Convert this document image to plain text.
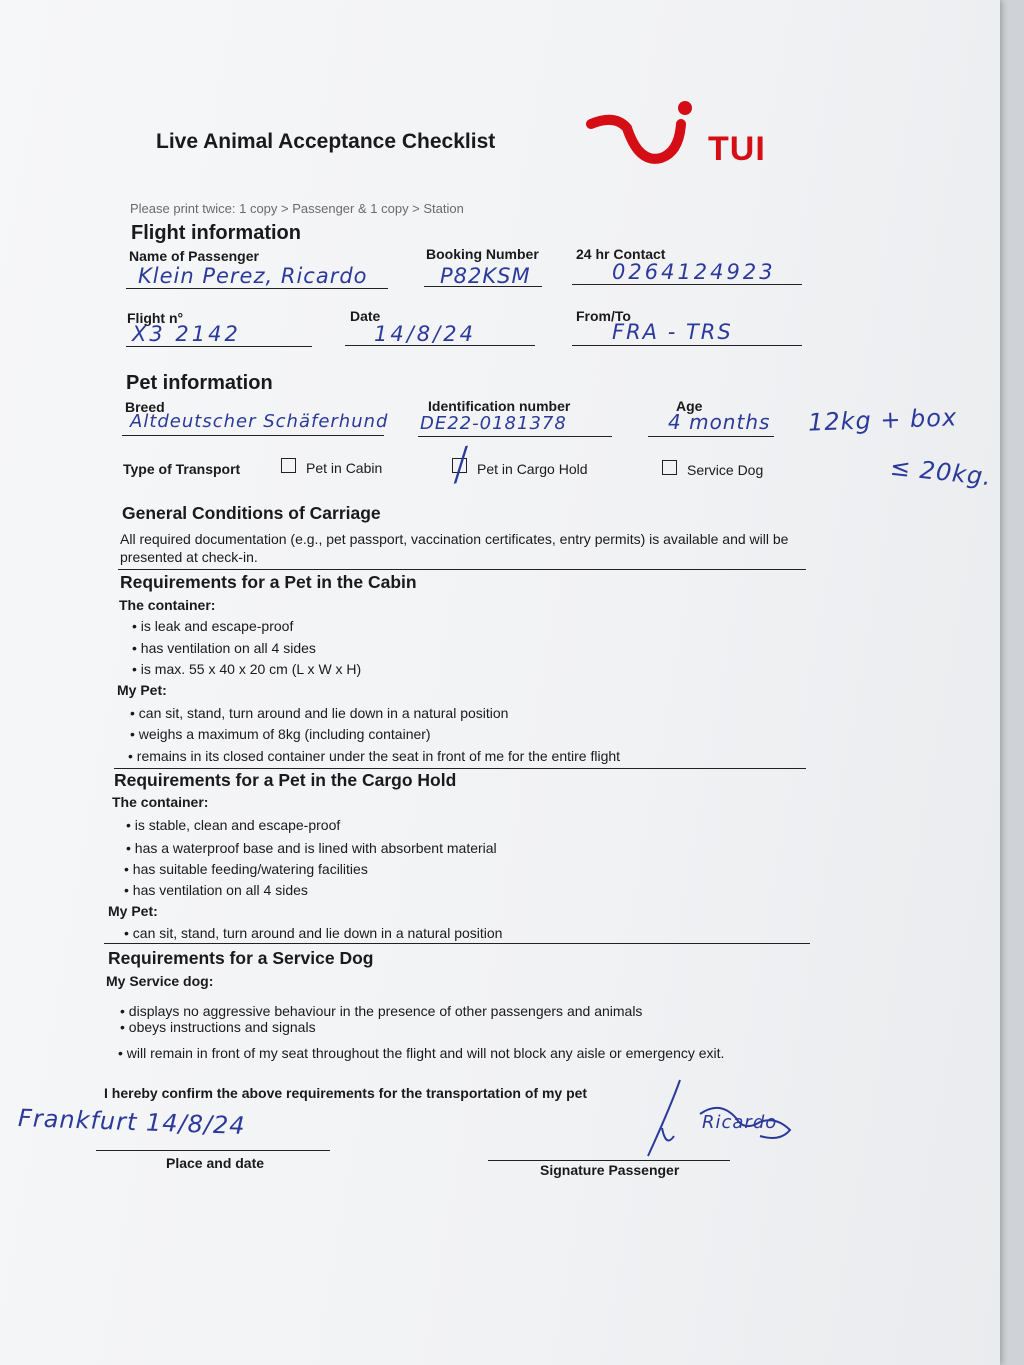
Live Animal Acceptance Checklist	TUI
Please print twice: 1 copy > Passenger & 1 copy > Station
Flight information
Name of Passenger
Klein Perez, Ricardo
Booking Number
P82KSM
24 hr Contact
0264124923
Flight n°
X3 2142
Date
14/8/24
From/To
FRA - TRS
Pet information
Breed
Altdeutscher Schäferhund
Identification number
DE22-0181378
Age
4 months 12kg + box
≤ 20kg.
Type of Transport	Pet in Cabin ╱ Pet in Cargo Hold	Service Dog
General Conditions of Carriage
All required documentation (e.g., pet passport, vaccination certificates, entry permits) is available and will be
presented at check-in.
Requirements for a Pet in the Cabin
The container:
• is leak and escape-proof
• has ventilation on all 4 sides
• is max. 55 x 40 x 20 cm (L x W x H)
My Pet:
• can sit, stand, turn around and lie down in a natural position
• weighs a maximum of 8kg (including container)
• remains in its closed container under the seat in front of me for the entire flight
Requirements for a Pet in the Cargo Hold
The container:
• is stable, clean and escape-proof
• has a waterproof base and is lined with absorbent material
• has suitable feeding/watering facilities
• has ventilation on all 4 sides
My Pet:
• can sit, stand, turn around and lie down in a natural position
Requirements for a Service Dog
My Service dog:
• displays no aggressive behaviour in the presence of other passengers and animals
• obeys instructions and signals
• will remain in front of my seat throughout the flight and will not block any aisle or emergency exit.
I hereby confirm the above requirements for the transportation of my pet
Frankfurt 14/8/24
Place and date
Ricardo
Signature Passenger
